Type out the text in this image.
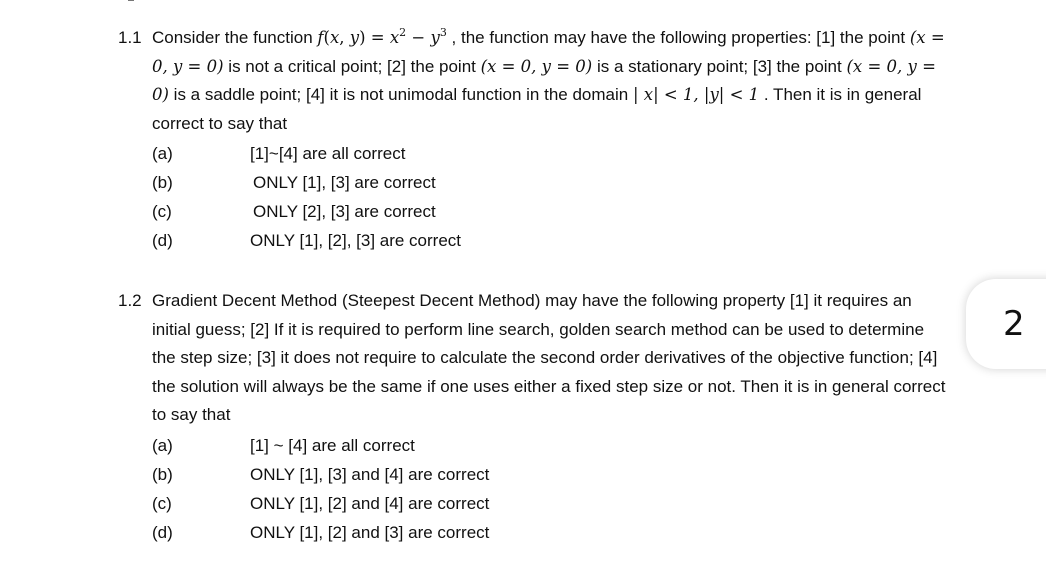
1.1 Consider the function f(x, $y) = x^2 - y^3$ , the function may have the following properties: [1] the point (x = 0, y = 0) is not a critical point; [2] the point (x = 0, y = 0) is a stationary point; [3] the point (x = 0, y = 0) is a saddle point; [4] it is not unimodal function in the domain | x| < 1, |y| < 1 . Then it is in general correct to say that
(a)	[1]~[4] are all correct
(b)	ONLY [1], [3] are correct
(c)	ONLY [2], [3] are correct
(d)	ONLY [1], [2], [3] are correct
1.2 Gradient Decent Method (Steepest Decent Method) may have the following property [1] it requires an initial guess; [2] If it is required to perform line search, golden search method can be used to determine the step size; [3] it does not require to calculate the second order derivatives of the objective function; [4] the solution will always be the same if one uses either a fixed step size or not. Then it is in general correct to say that
(a)	[1] ~ [4] are all correct
(b)	ONLY [1], [3] and [4] are correct
(c)	ONLY [1], [2] and [4] are correct
(d)	ONLY [1], [2] and [3] are correct
2
